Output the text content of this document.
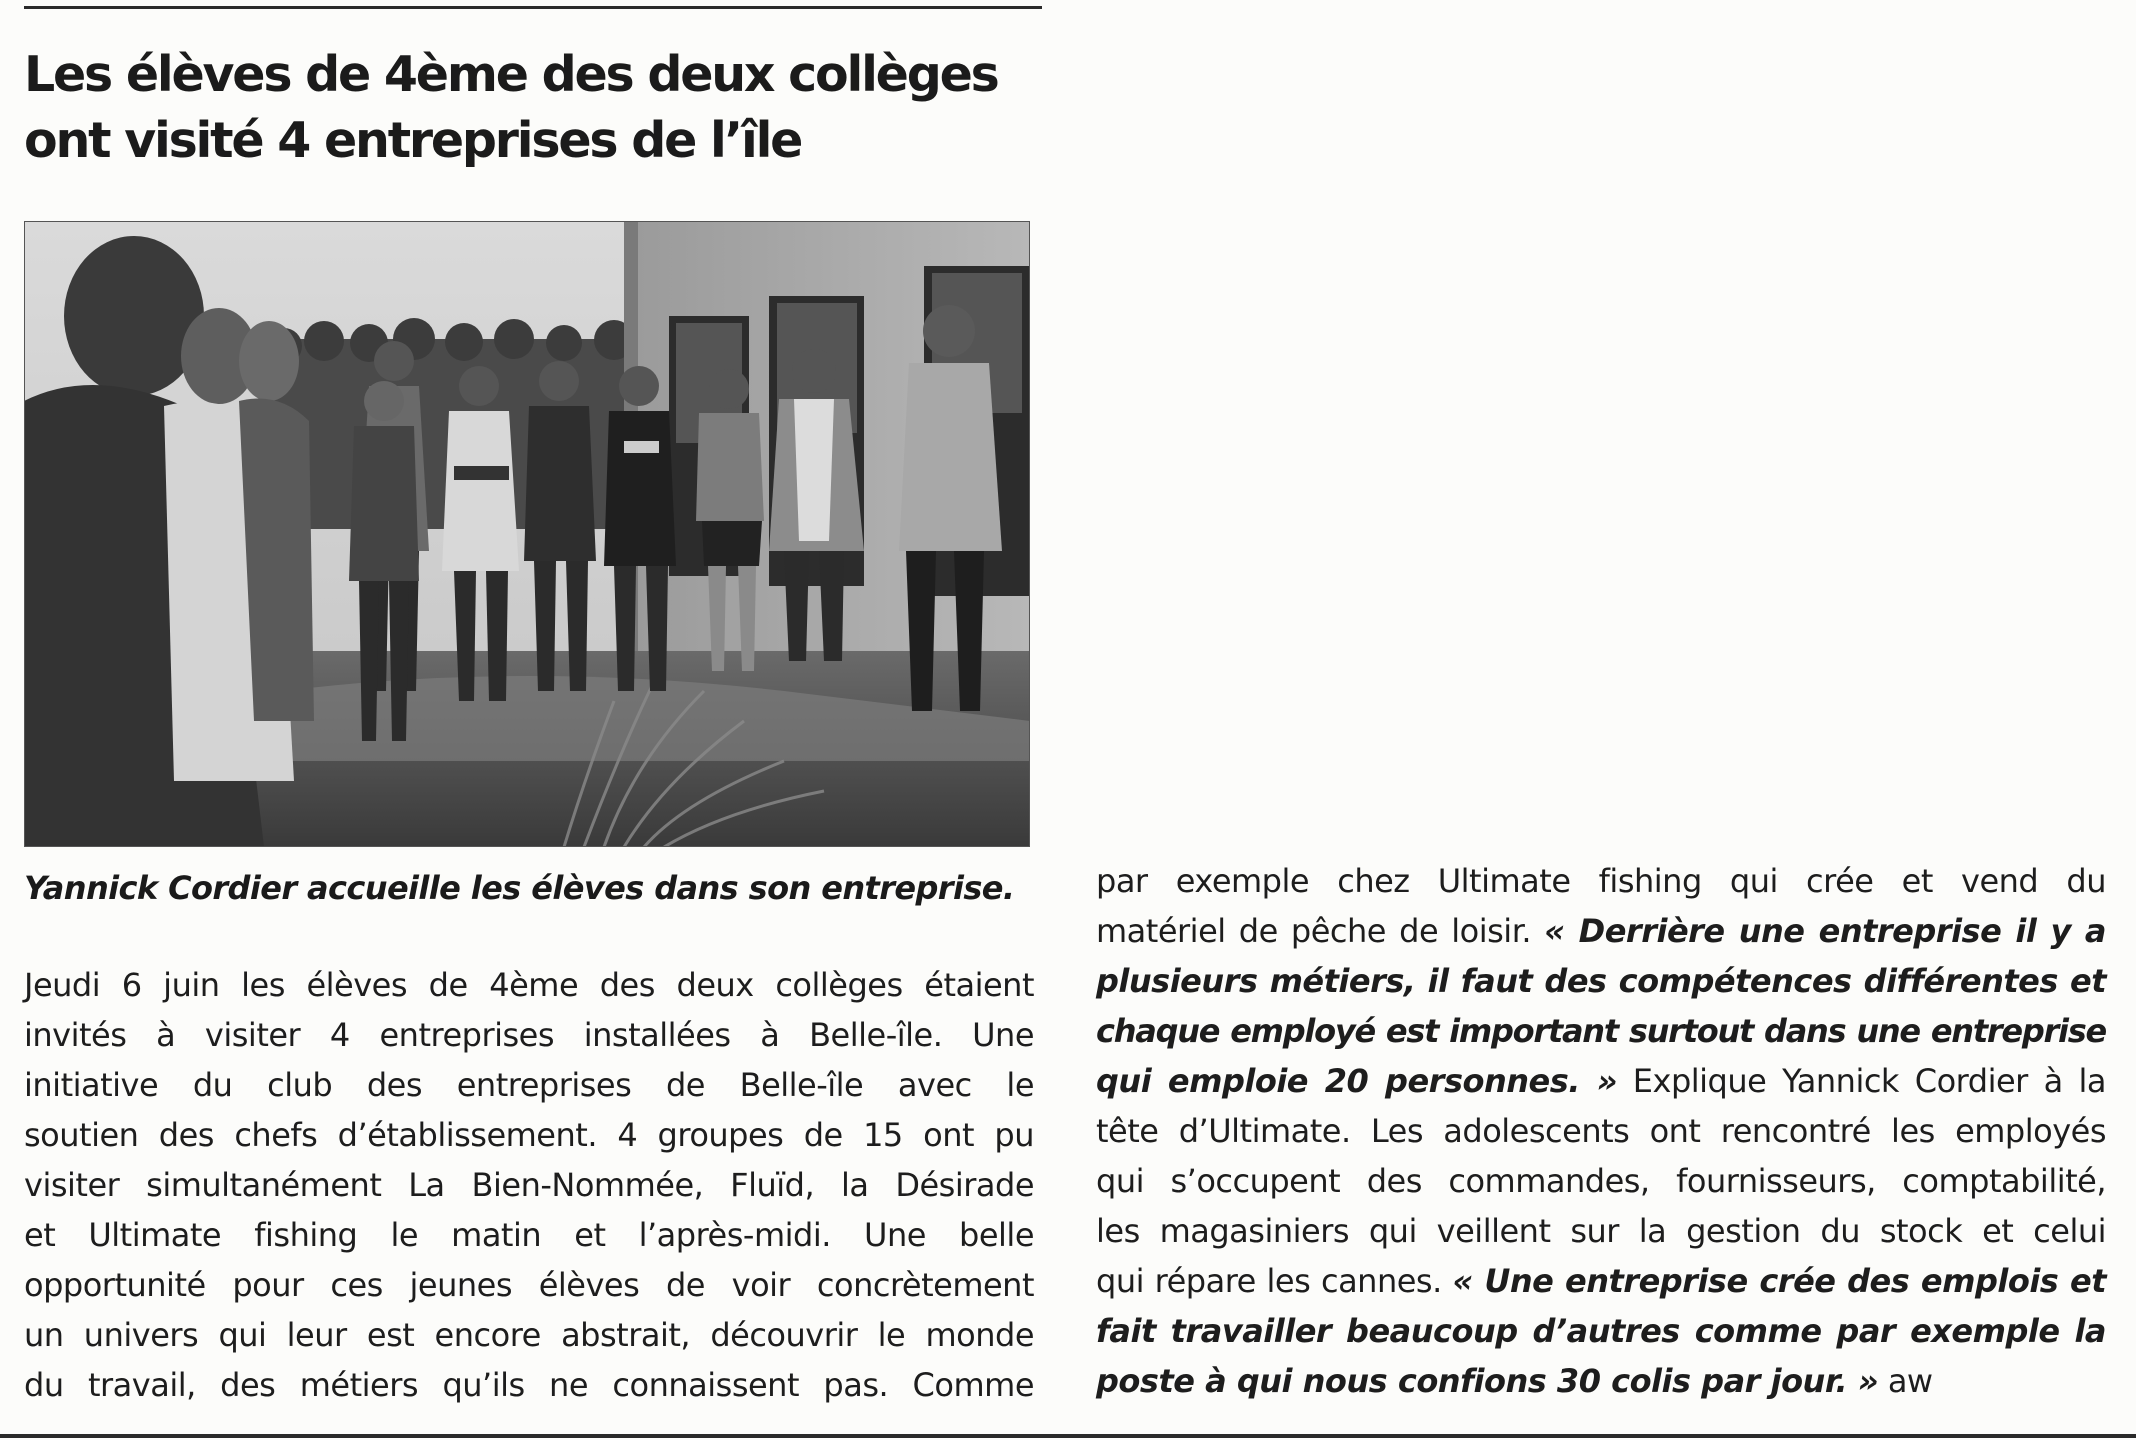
Les élèves de 4ème des deux collèges
ont visité 4 entreprises de l’île

Yannick Cordier accueille les élèves dans son entreprise.

Jeudi 6 juin les élèves de 4ème des deux collèges étaient
invités à visiter 4 entreprises installées à Belle-île. Une
initiative du club des entreprises de Belle-île avec le
soutien des chefs d’établissement. 4 groupes de 15 ont pu
visiter simultanément La Bien-Nommée, Fluïd, la Désirade
et Ultimate fishing le matin et l’après-midi. Une belle
opportunité pour ces jeunes élèves de voir concrètement
un univers qui leur est encore abstrait, découvrir le monde
du travail, des métiers qu’ils ne connaissent pas. Comme
par exemple chez Ultimate fishing qui crée et vend du
matériel de pêche de loisir. « Derrière une entreprise il y a
plusieurs métiers, il faut des compétences différentes et
chaque employé est important surtout dans une entreprise
qui emploie 20 personnes. » Explique Yannick Cordier à la
tête d’Ultimate. Les adolescents ont rencontré les employés
qui s’occupent des commandes, fournisseurs, comptabilité,
les magasiniers qui veillent sur la gestion du stock et celui
qui répare les cannes. « Une entreprise crée des emplois et
fait travailler beaucoup d’autres comme par exemple la
poste à qui nous confions 30 colis par jour. » aw
